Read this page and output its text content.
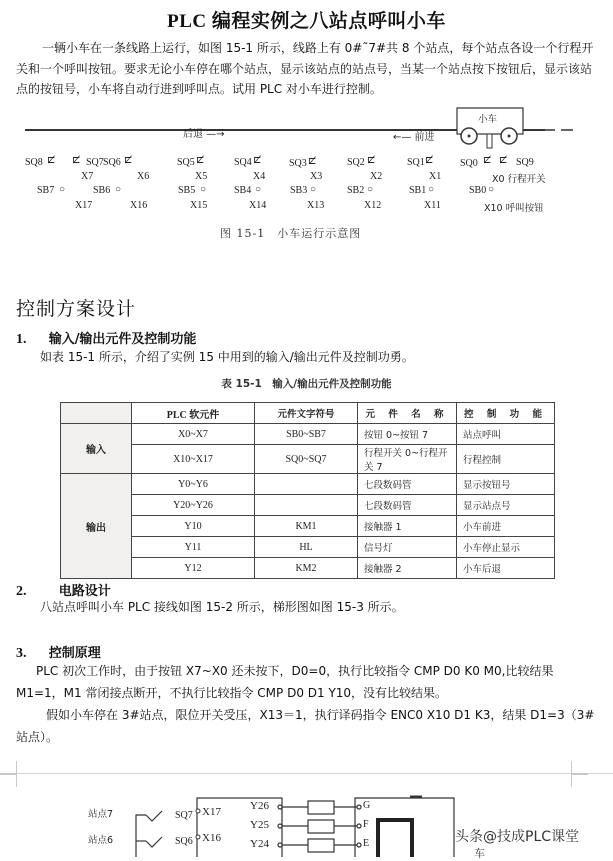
PLC 编程实例之八站点呼叫小车
一辆小车在一条线路上运行，如图 15-1 所示，线路上有 0#˜7#共 8 个站点，每个站点各设一个行程开关和一个呼叫按钮。要求无论小车停在哪个站点，显示该站点的站点号，当某一个站点按下按钮后，显示该站点的按钮号，小车将自动行进到呼叫点。试用 PLC 对小车进行控制。
小车
后退 —→	←— 前进
SQ8 ⊏̸ ⊏̸ SQ7 SQ6 ⊏̸	SQ5 ⊏̸	SQ4 ⊏̸	SQ3 ⊏̸	SQ2 ⊏̸	SQ1 ⊏̸	SQ0 ⊏̸ ⊏̸ SQ9
X7	X6	X5	X4	X3	X2	X1	X0 行程开关
SB7 ○	SB6 ○	SB5 ○	SB4 ○	SB3 ○	SB2 ○	SB1 ○	SB0 ○
X17	X16	X15	X14	X13	X12	X11	X10 呼叫按钮
图 15-1　小车运行示意图
控制方案设计
1. 输入/输出元件及控制功能
如表 15-1 所示，介绍了实例 15 中用到的输入/输出元件及控制功勇。
表 15-1　输入/输出元件及控制功能
	PLC 软元件	元件文字符号	元 件 名 称	控 制 功 能
输入	X0~X7	SB0~SB7	按钮 0~按钮 7	站点呼叫
	X10~X17	SQ0~SQ7	行程开关 0~行程开关 7	行程控制
输出	Y0~Y6		七段数码管	显示按钮号
	Y20~Y26		七段数码管	显示站点号
	Y10	KM1	接触器 1	小车前进
	Y11	HL	信号灯	小车停止显示
	Y12	KM2	接触器 2	小车后退
2. 电路设计
八站点呼叫小车 PLC 接线如图 15-2 所示，梯形图如图 15-3 所示。
3. 控制原理
PLC 初次工作时，由于按钮 X7~X0 还未按下，D0=0，执行比较指令 CMP D0 K0 M0,比较结果 M1=1，M1 常闭接点断开，不执行比较指令 CMP D0 D1 Y10，没有比较结果。
假如小车停在 3#站点，限位开关受压，X13＝1，执行译码指令 ENC0 X10 D1 K3，结果 D1=3（3#站点）。
站点7
站点6
SQ7
SQ6
X17
X16
Y26
Y25
Y24
G
F
E	头条@技成PLC课堂
车
